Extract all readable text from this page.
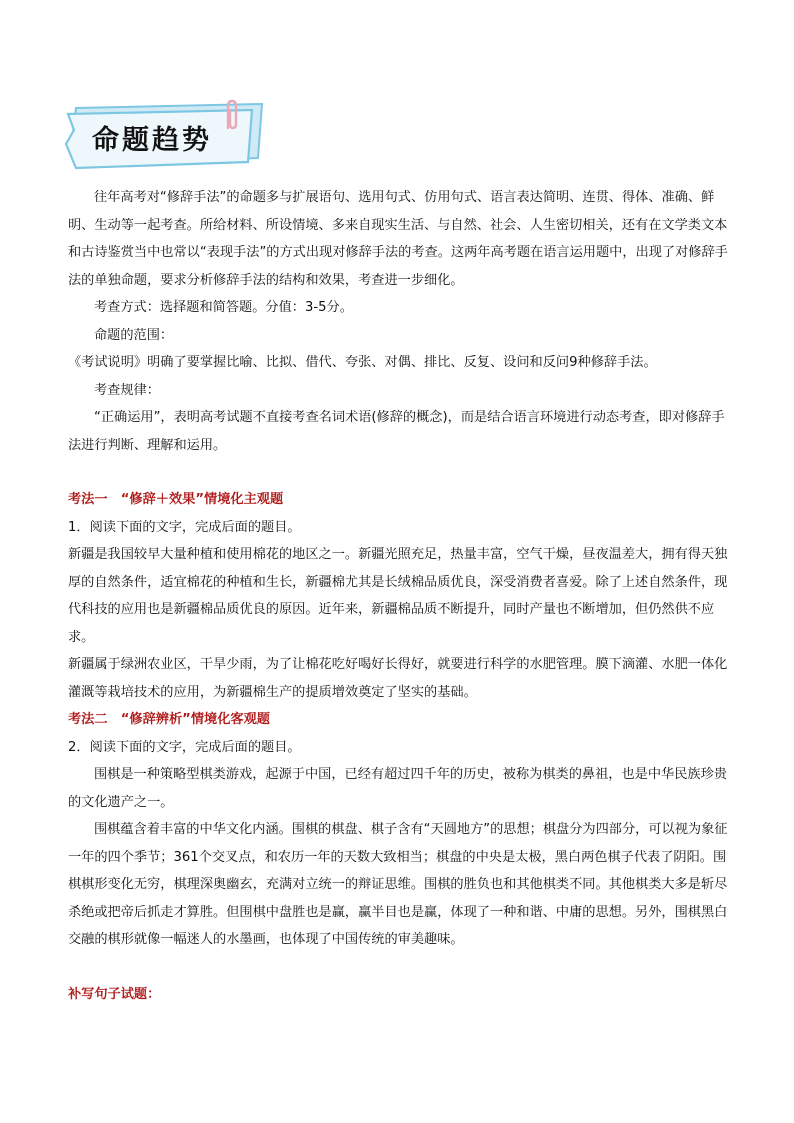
命题趋势

往年高考对“修辞手法”的命题多与扩展语句、选用句式、仿用句式、语言表达简明、连贯、得体、准确、鲜明、生动等一起考查。所给材料、所设情境、多来自现实生活、与自然、社会、人生密切相关，还有在文学类文本和古诗鉴赏当中也常以“表现手法”的方式出现对修辞手法的考查。这两年高考题在语言运用题中，出现了对修辞手法的单独命题，要求分析修辞手法的结构和效果，考查进一步细化。

考查方式：选择题和简答题。分值：3-5分。

命题的范围：

《考试说明》明确了要掌握比喻、比拟、借代、夸张、对偶、排比、反复、设问和反问9种修辞手法。

考查规律：

“正确运用”，表明高考试题不直接考查名词术语(修辞的概念)，而是结合语言环境进行动态考查，即对修辞手法进行判断、理解和运用。

考法一　“修辞＋效果”情境化主观题

1．阅读下面的文字，完成后面的题目。

新疆是我国较早大量种植和使用棉花的地区之一。新疆光照充足，热量丰富，空气干燥，昼夜温差大，拥有得天独厚的自然条件，适宜棉花的种植和生长，新疆棉尤其是长绒棉品质优良，深受消费者喜爱。除了上述自然条件，现代科技的应用也是新疆棉品质优良的原因。近年来，新疆棉品质不断提升，同时产量也不断增加，但仍然供不应求。

新疆属于绿洲农业区，干旱少雨，为了让棉花吃好喝好长得好，就要进行科学的水肥管理。膜下滴灌、水肥一体化灌溉等栽培技术的应用，为新疆棉生产的提质增效奠定了坚实的基础。

考法二　“修辞辨析”情境化客观题

2．阅读下面的文字，完成后面的题目。

围棋是一种策略型棋类游戏，起源于中国，已经有超过四千年的历史，被称为棋类的鼻祖，也是中华民族珍贵的文化遗产之一。

围棋蕴含着丰富的中华文化内涵。围棋的棋盘、棋子含有“天圆地方”的思想；棋盘分为四部分，可以视为象征一年的四个季节；361个交叉点，和农历一年的天数大致相当；棋盘的中央是太极，黑白两色棋子代表了阴阳。围棋棋形变化无穷，棋理深奥幽玄，充满对立统一的辩证思维。围棋的胜负也和其他棋类不同。其他棋类大多是斩尽杀绝或把帝后抓走才算胜。但围棋中盘胜也是赢，赢半目也是赢，体现了一种和谐、中庸的思想。另外，围棋黑白交融的棋形就像一幅迷人的水墨画，也体现了中国传统的审美趣味。

补写句子试题：
